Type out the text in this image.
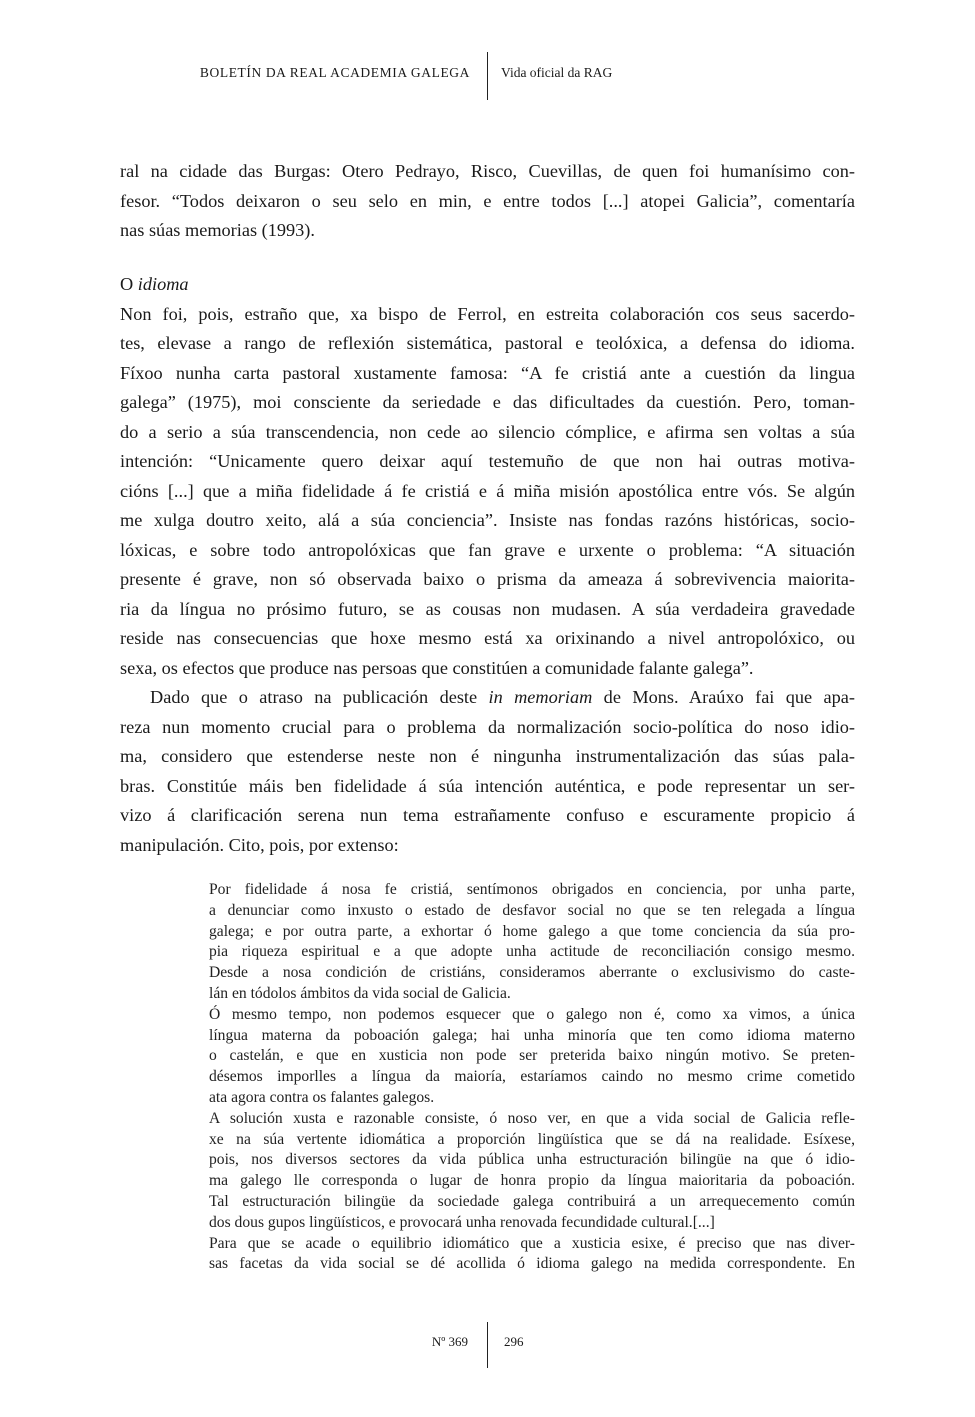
BOLETÍN DA REAL ACADEMIA GALEGA Vida oficial da RAG
ral na cidade das Burgas: Otero Pedrayo, Risco, Cuevillas, de quen foi humanísimo con-
fesor. “Todos deixaron o seu selo en min, e entre todos [...] atopei Galicia”, comentaría
nas súas memorias (1993).
O idioma
Non foi, pois, estraño que, xa bispo de Ferrol, en estreita colaboración cos seus sacerdo-
tes, elevase a rango de reflexión sistemática, pastoral e teolóxica, a defensa do idioma.
Fíxoo nunha carta pastoral xustamente famosa: “A fe cristiá ante a cuestión da lingua
galega” (1975), moi consciente da seriedade e das dificultades da cuestión. Pero, toman-
do a serio a súa transcendencia, non cede ao silencio cómplice, e afirma sen voltas a súa
intención: “Unicamente quero deixar aquí testemuño de que non hai outras motiva-
cións [...] que a miña fidelidade á fe cristiá e á miña misión apostólica entre vós. Se algún
me xulga doutro xeito, alá a súa conciencia”. Insiste nas fondas razóns históricas, socio-
lóxicas, e sobre todo antropolóxicas que fan grave e urxente o problema: “A situación
presente é grave, non só observada baixo o prisma da ameaza á sobrevivencia maiorita-
ria da língua no prósimo futuro, se as cousas non mudasen. A súa verdadeira gravedade
reside nas consecuencias que hoxe mesmo está xa orixinando a nivel antropolóxico, ou
sexa, os efectos que produce nas persoas que constitúen a comunidade falante galega”.
Dado que o atraso na publicación deste in memoriam de Mons. Araúxo fai que apa-
reza nun momento crucial para o problema da normalización socio-política do noso idio-
ma, considero que estenderse neste non é ningunha instrumentalización das súas pala-
bras. Constitúe máis ben fidelidade á súa intención auténtica, e pode representar un ser-
vizo á clarificación serena nun tema estrañamente confuso e escuramente propicio á
manipulación. Cito, pois, por extenso:
Por fidelidade á nosa fe cristiá, sentímonos obrigados en conciencia, por unha parte,
a denunciar como inxusto o estado de desfavor social no que se ten relegada a língua
galega; e por outra parte, a exhortar ó home galego a que tome conciencia da súa pro-
pia riqueza espiritual e a que adopte unha actitude de reconciliación consigo mesmo.
Desde a nosa condición de cristiáns, consideramos aberrante o exclusivismo do caste-
lán en tódolos ámbitos da vida social de Galicia.
Ó mesmo tempo, non podemos esquecer que o galego non é, como xa vimos, a única
língua materna da poboación galega; hai unha minoría que ten como idioma materno
o castelán, e que en xusticia non pode ser preterida baixo ningún motivo. Se preten-
désemos imporlles a língua da maioría, estaríamos caindo no mesmo crime cometido
ata agora contra os falantes galegos.
A solución xusta e razonable consiste, ó noso ver, en que a vida social de Galicia refle-
xe na súa vertente idiomática a proporción lingüística que se dá na realidade. Esíxese,
pois, nos diversos sectores da vida pública unha estructuración bilingüe na que ó idio-
ma galego lle corresponda o lugar de honra propio da língua maioritaria da poboación.
Tal estructuración bilingüe da sociedade galega contribuirá a un arrequecemento común
dos dous gupos lingüísticos, e provocará unha renovada fecundidade cultural.[...]
Para que se acade o equilibrio idiomático que a xusticia esixe, é preciso que nas diver-
sas facetas da vida social se dé acollida ó idioma galego na medida correspondente. En
Nº 369	296
